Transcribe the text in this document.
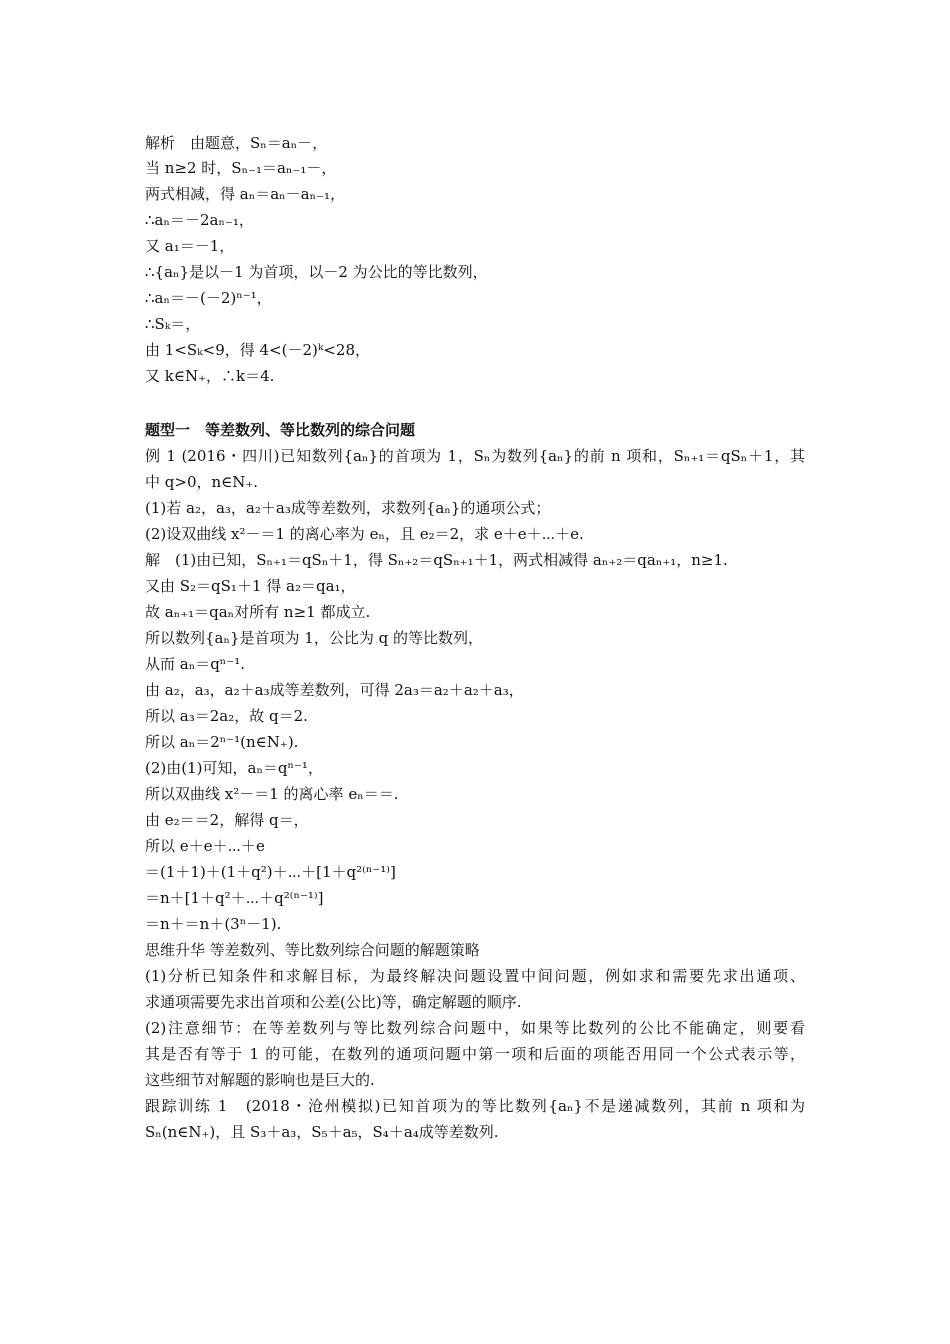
解析　由题意，Sₙ＝aₙ－，
当 n≥2 时，Sₙ₋₁＝aₙ₋₁－，
两式相减，得 aₙ＝aₙ－aₙ₋₁，
∴aₙ＝－2aₙ₋₁，
又 a₁＝－1，
∴{aₙ}是以－1 为首项，以－2 为公比的等比数列，
∴aₙ＝－(－2)ⁿ⁻¹，
∴Sₖ＝，
由 1<Sₖ<9，得 4<(－2)ᵏ<28，
又 k∈N₊，∴k＝4.
题型一　等差数列、等比数列的综合问题
例 1 (2016・四川)已知数列{aₙ}的首项为 1，Sₙ为数列{aₙ}的前 n 项和，Sₙ₊₁＝qSₙ＋1，其
中 q>0，n∈N₊.
(1)若 a₂，a₃，a₂＋a₃成等差数列，求数列{aₙ}的通项公式；
(2)设双曲线 x²－＝1 的离心率为 eₙ，且 e₂＝2，求 e＋e＋⋯＋e.
解　(1)由已知，Sₙ₊₁＝qSₙ＋1，得 Sₙ₊₂＝qSₙ₊₁＋1，两式相减得 aₙ₊₂＝qaₙ₊₁，n≥1.
又由 S₂＝qS₁＋1 得 a₂＝qa₁，
故 aₙ₊₁＝qaₙ对所有 n≥1 都成立.
所以数列{aₙ}是首项为 1，公比为 q 的等比数列，
从而 aₙ＝qⁿ⁻¹.
由 a₂，a₃，a₂＋a₃成等差数列，可得 2a₃＝a₂＋a₂＋a₃，
所以 a₃＝2a₂，故 q＝2.
所以 aₙ＝2ⁿ⁻¹(n∈N₊).
(2)由(1)可知，aₙ＝qⁿ⁻¹，
所以双曲线 x²－＝1 的离心率 eₙ＝＝.
由 e₂＝＝2，解得 q＝，
所以 e＋e＋⋯＋e
＝(1＋1)＋(1＋q²)＋⋯＋[1＋q²⁽ⁿ⁻¹⁾]
＝n＋[1＋q²＋⋯＋q²⁽ⁿ⁻¹⁾]
＝n＋＝n＋(3ⁿ－1).
思维升华 等差数列、等比数列综合问题的解题策略
(1)分析已知条件和求解目标，为最终解决问题设置中间问题，例如求和需要先求出通项、
求通项需要先求出首项和公差(公比)等，确定解题的顺序.
(2)注意细节：在等差数列与等比数列综合问题中，如果等比数列的公比不能确定，则要看
其是否有等于 1 的可能，在数列的通项问题中第一项和后面的项能否用同一个公式表示等，
这些细节对解题的影响也是巨大的.
跟踪训练 1　(2018・沧州模拟)已知首项为的等比数列{aₙ}不是递减数列，其前 n 项和为
Sₙ(n∈N₊)，且 S₃＋a₃，S₅＋a₅，S₄＋a₄成等差数列.
